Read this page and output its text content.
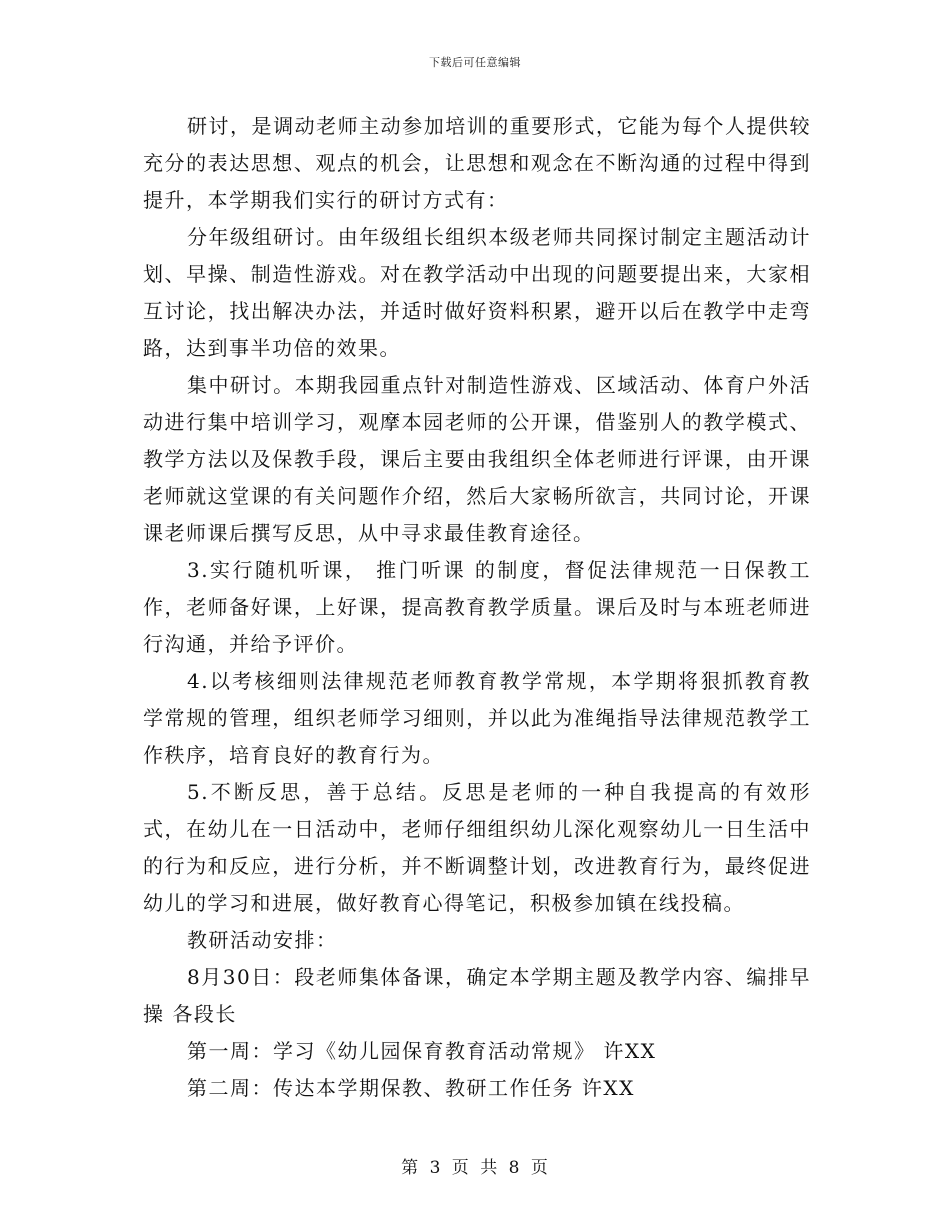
下载后可任意编辑

研讨，是调动老师主动参加培训的重要形式，它能为每个人提供较充分的表达思想、观点的机会，让思想和观念在不断沟通的过程中得到提升，本学期我们实行的研讨方式有：

分年级组研讨。由年级组长组织本级老师共同探讨制定主题活动计划、早操、制造性游戏。对在教学活动中出现的问题要提出来，大家相互讨论，找出解决办法，并适时做好资料积累，避开以后在教学中走弯路，达到事半功倍的效果。

集中研讨。本期我园重点针对制造性游戏、区域活动、体育户外活动进行集中培训学习，观摩本园老师的公开课，借鉴别人的教学模式、教学方法以及保教手段，课后主要由我组织全体老师进行评课，由开课老师就这堂课的有关问题作介绍，然后大家畅所欲言，共同讨论，开课课老师课后撰写反思，从中寻求最佳教育途径。

3.实行随机听课， 推门听课 的制度，督促法律规范一日保教工作，老师备好课，上好课，提高教育教学质量。课后及时与本班老师进行沟通，并给予评价。

4.以考核细则法律规范老师教育教学常规，本学期将狠抓教育教学常规的管理，组织老师学习细则，并以此为准绳指导法律规范教学工作秩序，培育良好的教育行为。

5.不断反思，善于总结。反思是老师的一种自我提高的有效形式，在幼儿在一日活动中，老师仔细组织幼儿深化观察幼儿一日生活中的行为和反应，进行分析，并不断调整计划，改进教育行为，最终促进幼儿的学习和进展，做好教育心得笔记，积极参加镇在线投稿。

教研活动安排：

8月30日：段老师集体备课，确定本学期主题及教学内容、编排早操 各段长

第一周：学习《幼儿园保育教育活动常规》 许XX

第二周：传达本学期保教、教研工作任务 许XX

第 3 页 共 8 页
